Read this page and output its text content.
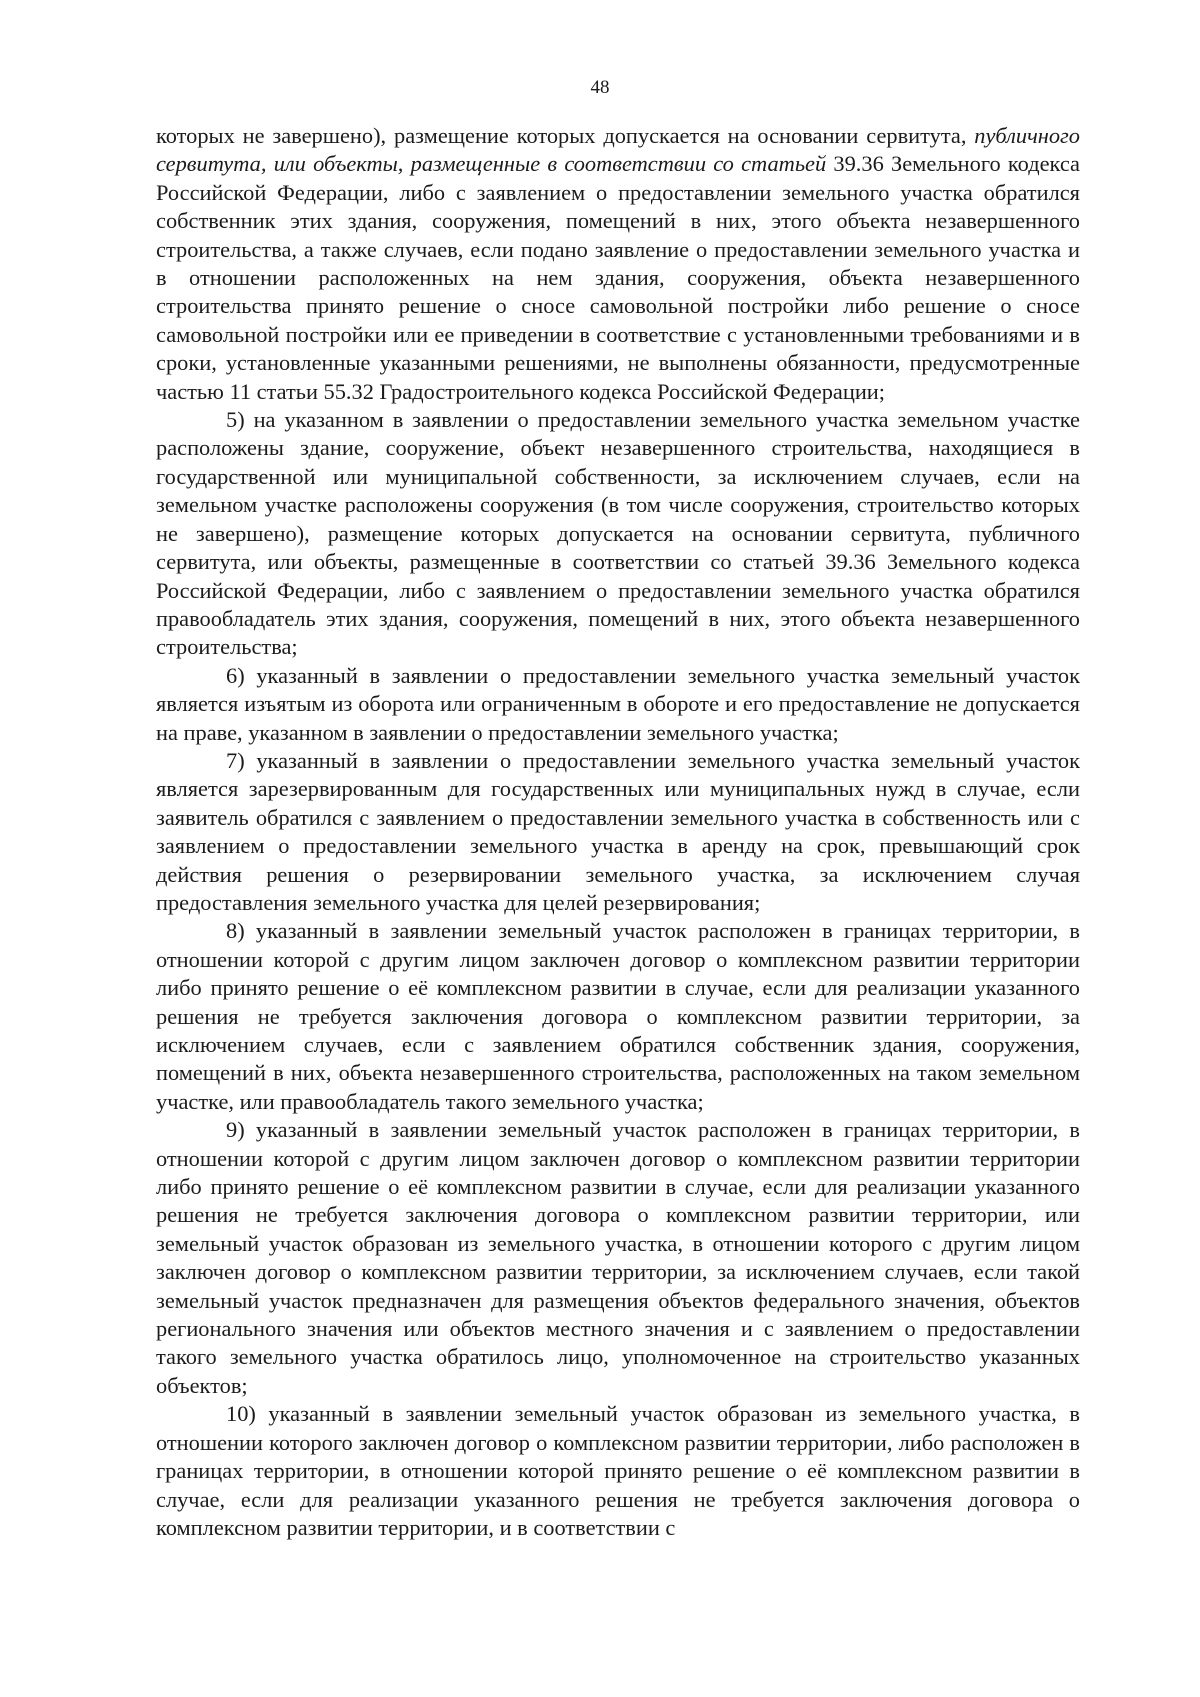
48

которых не завершено), размещение которых допускается на основании сервитута, публичного сервитута, или объекты, размещенные в соответствии со статьей 39.36 Земельного кодекса Российской Федерации, либо с заявлением о предоставлении земельного участка обратился собственник этих здания, сооружения, помещений в них, этого объекта незавершенного строительства, а также случаев, если подано заявление о предоставлении земельного участка и в отношении расположенных на нем здания, сооружения, объекта незавершенного строительства принято решение о сносе самовольной постройки либо решение о сносе самовольной постройки или ее приведении в соответствие с установленными требованиями и в сроки, установленные указанными решениями, не выполнены обязанности, предусмотренные частью 11 статьи 55.32 Градостроительного кодекса Российской Федерации;

5) на указанном в заявлении о предоставлении земельного участка земельном участке расположены здание, сооружение, объект незавершенного строительства, находящиеся в государственной или муниципальной собственности, за исключением случаев, если на земельном участке расположены сооружения (в том числе сооружения, строительство которых не завершено), размещение которых допускается на основании сервитута, публичного сервитута, или объекты, размещенные в соответствии со статьей 39.36 Земельного кодекса Российской Федерации, либо с заявлением о предоставлении земельного участка обратился правообладатель этих здания, сооружения, помещений в них, этого объекта незавершенного строительства;

6) указанный в заявлении о предоставлении земельного участка земельный участок является изъятым из оборота или ограниченным в обороте и его предоставление не допускается на праве, указанном в заявлении о предоставлении земельного участка;

7) указанный в заявлении о предоставлении земельного участка земельный участок является зарезервированным для государственных или муниципальных нужд в случае, если заявитель обратился с заявлением о предоставлении земельного участка в собственность или с заявлением о предоставлении земельного участка в аренду на срок, превышающий срок действия решения о резервировании земельного участка, за исключением случая предоставления земельного участка для целей резервирования;

8) указанный в заявлении земельный участок расположен в границах территории, в отношении которой с другим лицом заключен договор о комплексном развитии территории либо принято решение о её комплексном развитии в случае, если для реализации указанного решения не требуется заключения договора о комплексном развитии территории, за исключением случаев, если с заявлением обратился собственник здания, сооружения, помещений в них, объекта незавершенного строительства, расположенных на таком земельном участке, или правообладатель такого земельного участка;

9) указанный в заявлении земельный участок расположен в границах территории, в отношении которой с другим лицом заключен договор о комплексном развитии территории либо принято решение о её комплексном развитии в случае, если для реализации указанного решения не требуется заключения договора о комплексном развитии территории, или земельный участок образован из земельного участка, в отношении которого с другим лицом заключен договор о комплексном развитии территории, за исключением случаев, если такой земельный участок предназначен для размещения объектов федерального значения, объектов регионального значения или объектов местного значения и с заявлением о предоставлении такого земельного участка обратилось лицо, уполномоченное на строительство указанных объектов;

10) указанный в заявлении земельный участок образован из земельного участка, в отношении которого заключен договор о комплексном развитии территории, либо расположен в границах территории, в отношении которой принято решение о её комплексном развитии в случае, если для реализации указанного решения не требуется заключения договора о комплексном развитии территории, и в соответствии с
